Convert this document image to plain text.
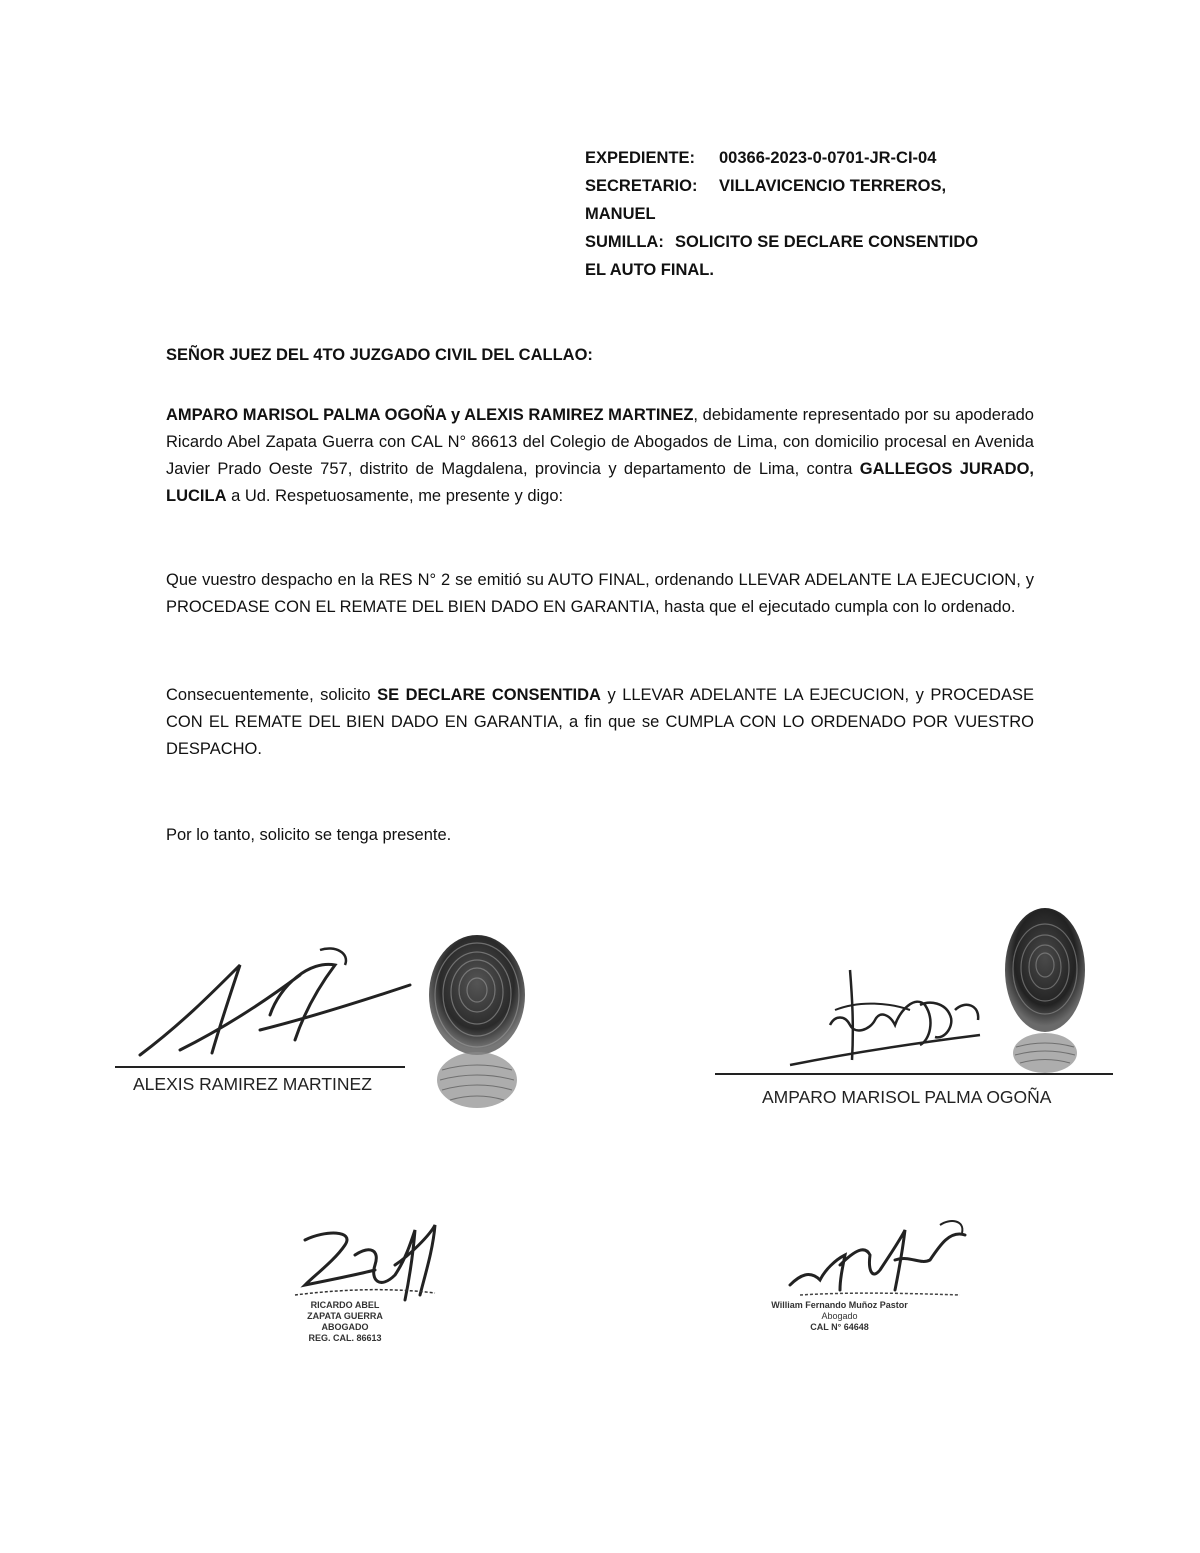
EXPEDIENTE: 00366-2023-0-0701-JR-CI-04
SECRETARIO: VILLAVICENCIO TERREROS,
MANUEL
SUMILLA: SOLICITO SE DECLARE CONSENTIDO
EL AUTO FINAL.
SEÑOR JUEZ DEL 4TO JUZGADO CIVIL DEL CALLAO:
AMPARO MARISOL PALMA OGOÑA y ALEXIS RAMIREZ MARTINEZ, debidamente representado por su apoderado Ricardo Abel Zapata Guerra con CAL N° 86613 del Colegio de Abogados de Lima, con domicilio procesal en Avenida Javier Prado Oeste 757, distrito de Magdalena, provincia y departamento de Lima, contra GALLEGOS JURADO, LUCILA a Ud. Respetuosamente, me presente y digo:
Que vuestro despacho en la RES N° 2 se emitió su AUTO FINAL, ordenando LLEVAR ADELANTE LA EJECUCION, y PROCEDASE CON EL REMATE DEL BIEN DADO EN GARANTIA, hasta que el ejecutado cumpla con lo ordenado.
Consecuentemente, solicito SE DECLARE CONSENTIDA y LLEVAR ADELANTE LA EJECUCION, y PROCEDASE CON EL REMATE DEL BIEN DADO EN GARANTIA, a fin que se CUMPLA CON LO ORDENADO POR VUESTRO DESPACHO.
Por lo tanto, solicito se tenga presente.
ALEXIS RAMIREZ MARTINEZ
AMPARO MARISOL PALMA OGOÑA
RICARDO ABEL
ZAPATA GUERRA
ABOGADO
REG. CAL. 86613
William Fernando Muñoz Pastor
Abogado
CAL N° 64648
